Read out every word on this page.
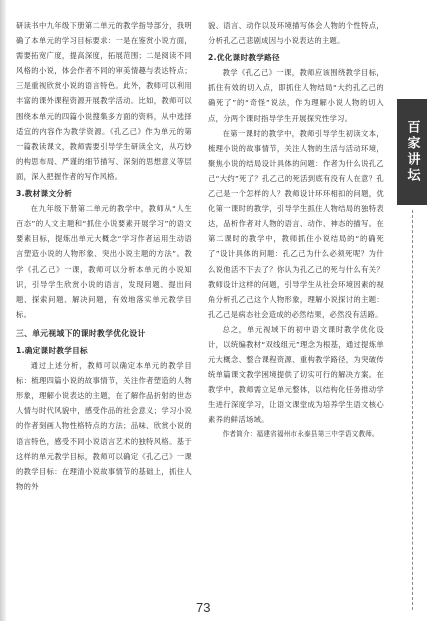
研读书中九年级下册第二单元的教学指导部分，我明确了本单元的学习目标要求：一是在鉴赏小说方面，需要拓宽广度，提高深度，拓展范围；二是阅读不同风格的小说，体会作者不同的审美情趣与表达特点；三是重视欣赏小说的语言特色。此外，教师可以利用丰富的课外课程资源开展教学活动。比如，教师可以围绕本单元的四篇小说搜集多方面的资料，从中选择适宜的内容作为教学资源。《孔乙己》作为单元的第一篇教读课文，教师需要引导学生研读全文，从巧妙的构思布局、严谨的细节描写、深刻的思想意义等层面，深入把握作者的写作风格。

3.教材课文分析

在九年级下册第二单元的教学中，教师从“人生百态”的人文主题和“抓住小说要素开展学习”的语文要素目标，提炼出单元大概念“学习作者运用生动语言塑造小说的人物形象、突出小说主题的方法”。教学《孔乙己》一课，教师可以分析本单元的小说知识，引导学生欣赏小说的语言，发现问题、提出问题、探索问题、解决问题，有效地落实单元教学目标。

三、单元视域下的课时教学优化设计
1.确定课时教学目标

通过上述分析，教师可以确定本单元的教学目标：梳理四篇小说的故事情节，关注作者塑造的人物形象，理解小说表达的主题，在了解作品折射的世态人情与时代风貌中，感受作品的社会意义；学习小说的作者刻画人物性格特点的方法；品味、欣赏小说的语言特色，感受不同小说语言艺术的独特风格。基于这样的单元教学目标，教师可以确定《孔乙己》一课的教学目标：在理清小说故事情节的基础上，抓住人物的外

貌、语言、动作以及环境描写体会人物的个性特点，分析孔乙己悲剧成因与小说表达的主题。

2.优化课时教学路径

教学《孔乙己》一课，教师应该围绕教学目标，抓住有效的切入点，即抓住人物结局“大约孔乙己的确死了”的“奇怪”说法，作为理解小说人物的切入点，分两个课时指导学生开展探究性学习。

在第一课时的教学中，教师引导学生初读文本，梳理小说的故事情节，关注人物的生活与活动环境，聚焦小说的结局设计具体的问题：作者为什么说孔乙己“大约”死了？孔乙己的死活到底有没有人在意？孔乙己是一个怎样的人？教师设计环环相扣的问题，优化第一课时的教学，引导学生抓住人物结局的独特表达，品析作者对人物的语言、动作、神态的描写。在第二课时的教学中，教师抓住小说结局的“的确死了”设计具体的问题：孔乙己为什么必须死呢？为什么说他活不下去了？你认为孔乙己的死与什么有关？教师设计这样的问题，引导学生从社会环境因素的视角分析孔乙己这个人物形象，理解小说探讨的主题：孔乙己是病态社会造成的必然结果，必然没有活路。

总之，单元视域下的初中语文课时教学优化设计，以统编教材“双线组元”理念为根基，通过提炼单元大概念、整合课程资源、重构教学路径，为突破传统单篇课文教学困境提供了切实可行的解决方案。在教学中，教师需立足单元整体，以结构化任务推动学生进行深度学习，让语文课堂成为培养学生语文核心素养的鲜活场域。

作者简介：福建省福州市永泰县第三中学语文教师。

百家讲坛
73
